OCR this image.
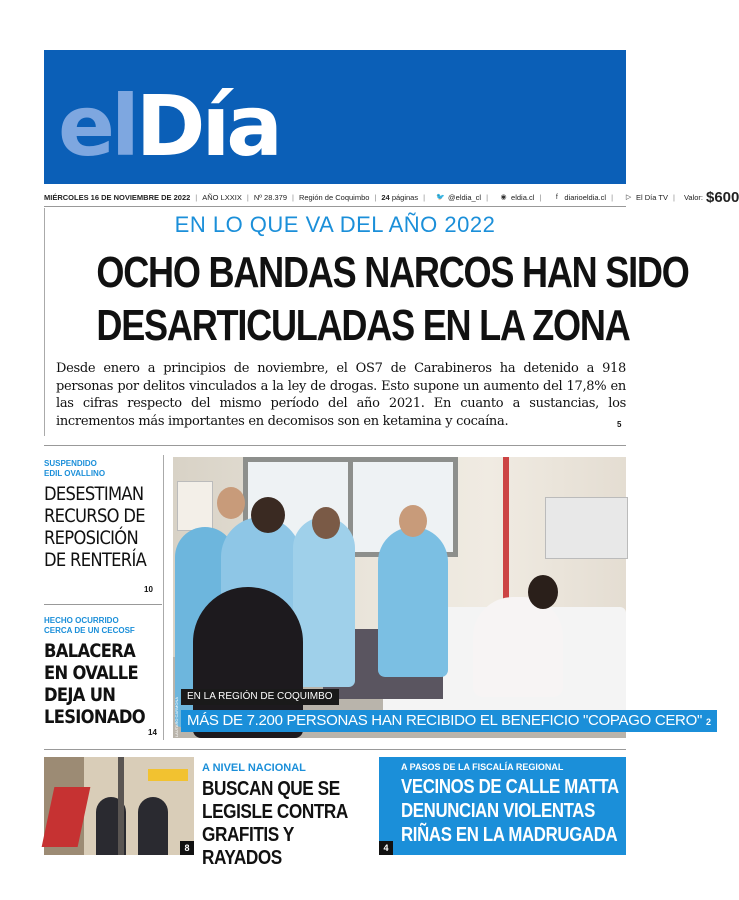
elDía
MIÉRCOLES 16 DE NOVIEMBRE DE 2022 | AÑO LXXIX | Nº 28.379 | Región de Coquimbo | 24 páginas | 🐦 @eldia_cl | ◉ eldia.cl |	f diarioeldia.cl | ▷ El Día TV | Valor: $600
EN LO QUE VA DEL AÑO 2022
OCHO BANDAS NARCOS HAN SIDO
DESARTICULADAS EN LA ZONA
Desde enero a principios de noviembre, el OS7 de Carabineros ha detenido a 918 personas por delitos vinculados a la ley de drogas. Esto supone un aumento del 17,8% en las cifras respecto del mismo período del año 2021. En cuanto a sustancias, los incrementos más importantes en decomisos son en ketamina y cocaína.	5
SUSPENDIDO
EDIL OVALLINO
DESESTIMAN
RECURSO DE
REPOSICIÓN
DE RENTERÍA
10
HECHO OCURRIDO
CERCA DE UN CECOSF
BALACERA
EN OVALLE
DEJA UN
LESIONADO
14	LAUTARO CARMONA
EN LA REGIÓN DE COQUIMBO
MÁS DE 7.200 PERSONAS HAN RECIBIDO EL BENEFICIO "COPAGO CERO" 2
8
A NIVEL NACIONAL
BUSCAN QUE SE
LEGISLE CONTRA
GRAFITIS Y RAYADOS
A PASOS DE LA FISCALÍA REGIONAL
VECINOS DE CALLE MATTA
DENUNCIAN VIOLENTAS
RIÑAS EN LA MADRUGADA
4
